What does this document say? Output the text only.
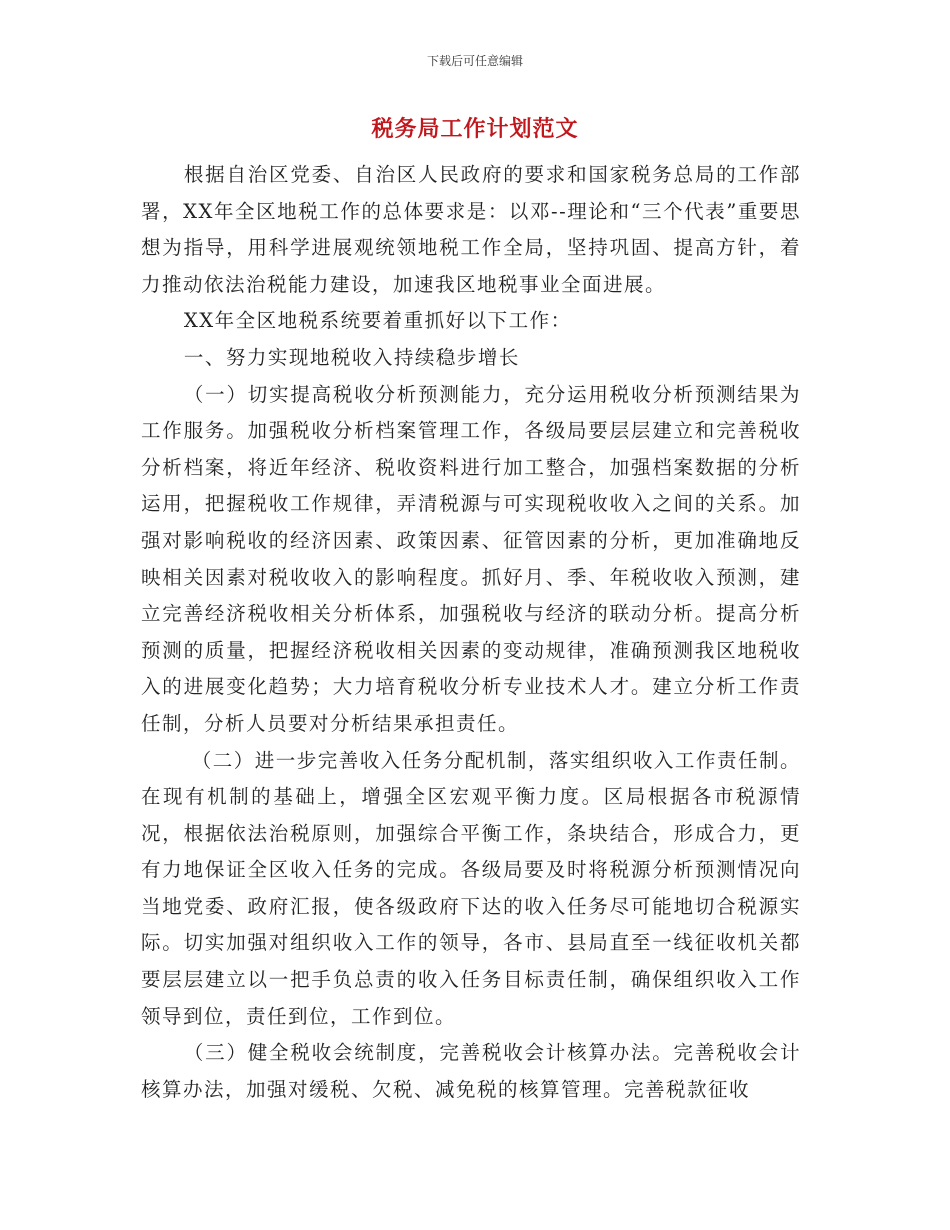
下载后可任意编辑
税务局工作计划范文

根据自治区党委、自治区人民政府的要求和国家税务总局的工作部署，XX年全区地税工作的总体要求是：以邓--理论和“三个代表”重要思想为指导，用科学进展观统领地税工作全局，坚持巩固、提高方针，着力推动依法治税能力建设，加速我区地税事业全面进展。

XX年全区地税系统要着重抓好以下工作：

一、努力实现地税收入持续稳步增长

（一）切实提高税收分析预测能力，充分运用税收分析预测结果为工作服务。加强税收分析档案管理工作，各级局要层层建立和完善税收分析档案，将近年经济、税收资料进行加工整合，加强档案数据的分析运用，把握税收工作规律，弄清税源与可实现税收收入之间的关系。加强对影响税收的经济因素、政策因素、征管因素的分析，更加准确地反映相关因素对税收收入的影响程度。抓好月、季、年税收收入预测，建立完善经济税收相关分析体系，加强税收与经济的联动分析。提高分析预测的质量，把握经济税收相关因素的变动规律，准确预测我区地税收入的进展变化趋势；大力培育税收分析专业技术人才。建立分析工作责任制，分析人员要对分析结果承担责任。

（二）进一步完善收入任务分配机制，落实组织收入工作责任制。在现有机制的基础上，增强全区宏观平衡力度。区局根据各市税源情况，根据依法治税原则，加强综合平衡工作，条块结合，形成合力，更有力地保证全区收入任务的完成。各级局要及时将税源分析预测情况向当地党委、政府汇报，使各级政府下达的收入任务尽可能地切合税源实际。切实加强对组织收入工作的领导，各市、县局直至一线征收机关都要层层建立以一把手负总责的收入任务目标责任制，确保组织收入工作领导到位，责任到位，工作到位。

（三）健全税收会统制度，完善税收会计核算办法。完善税收会计核算办法，加强对缓税、欠税、减免税的核算管理。完善税款征收
